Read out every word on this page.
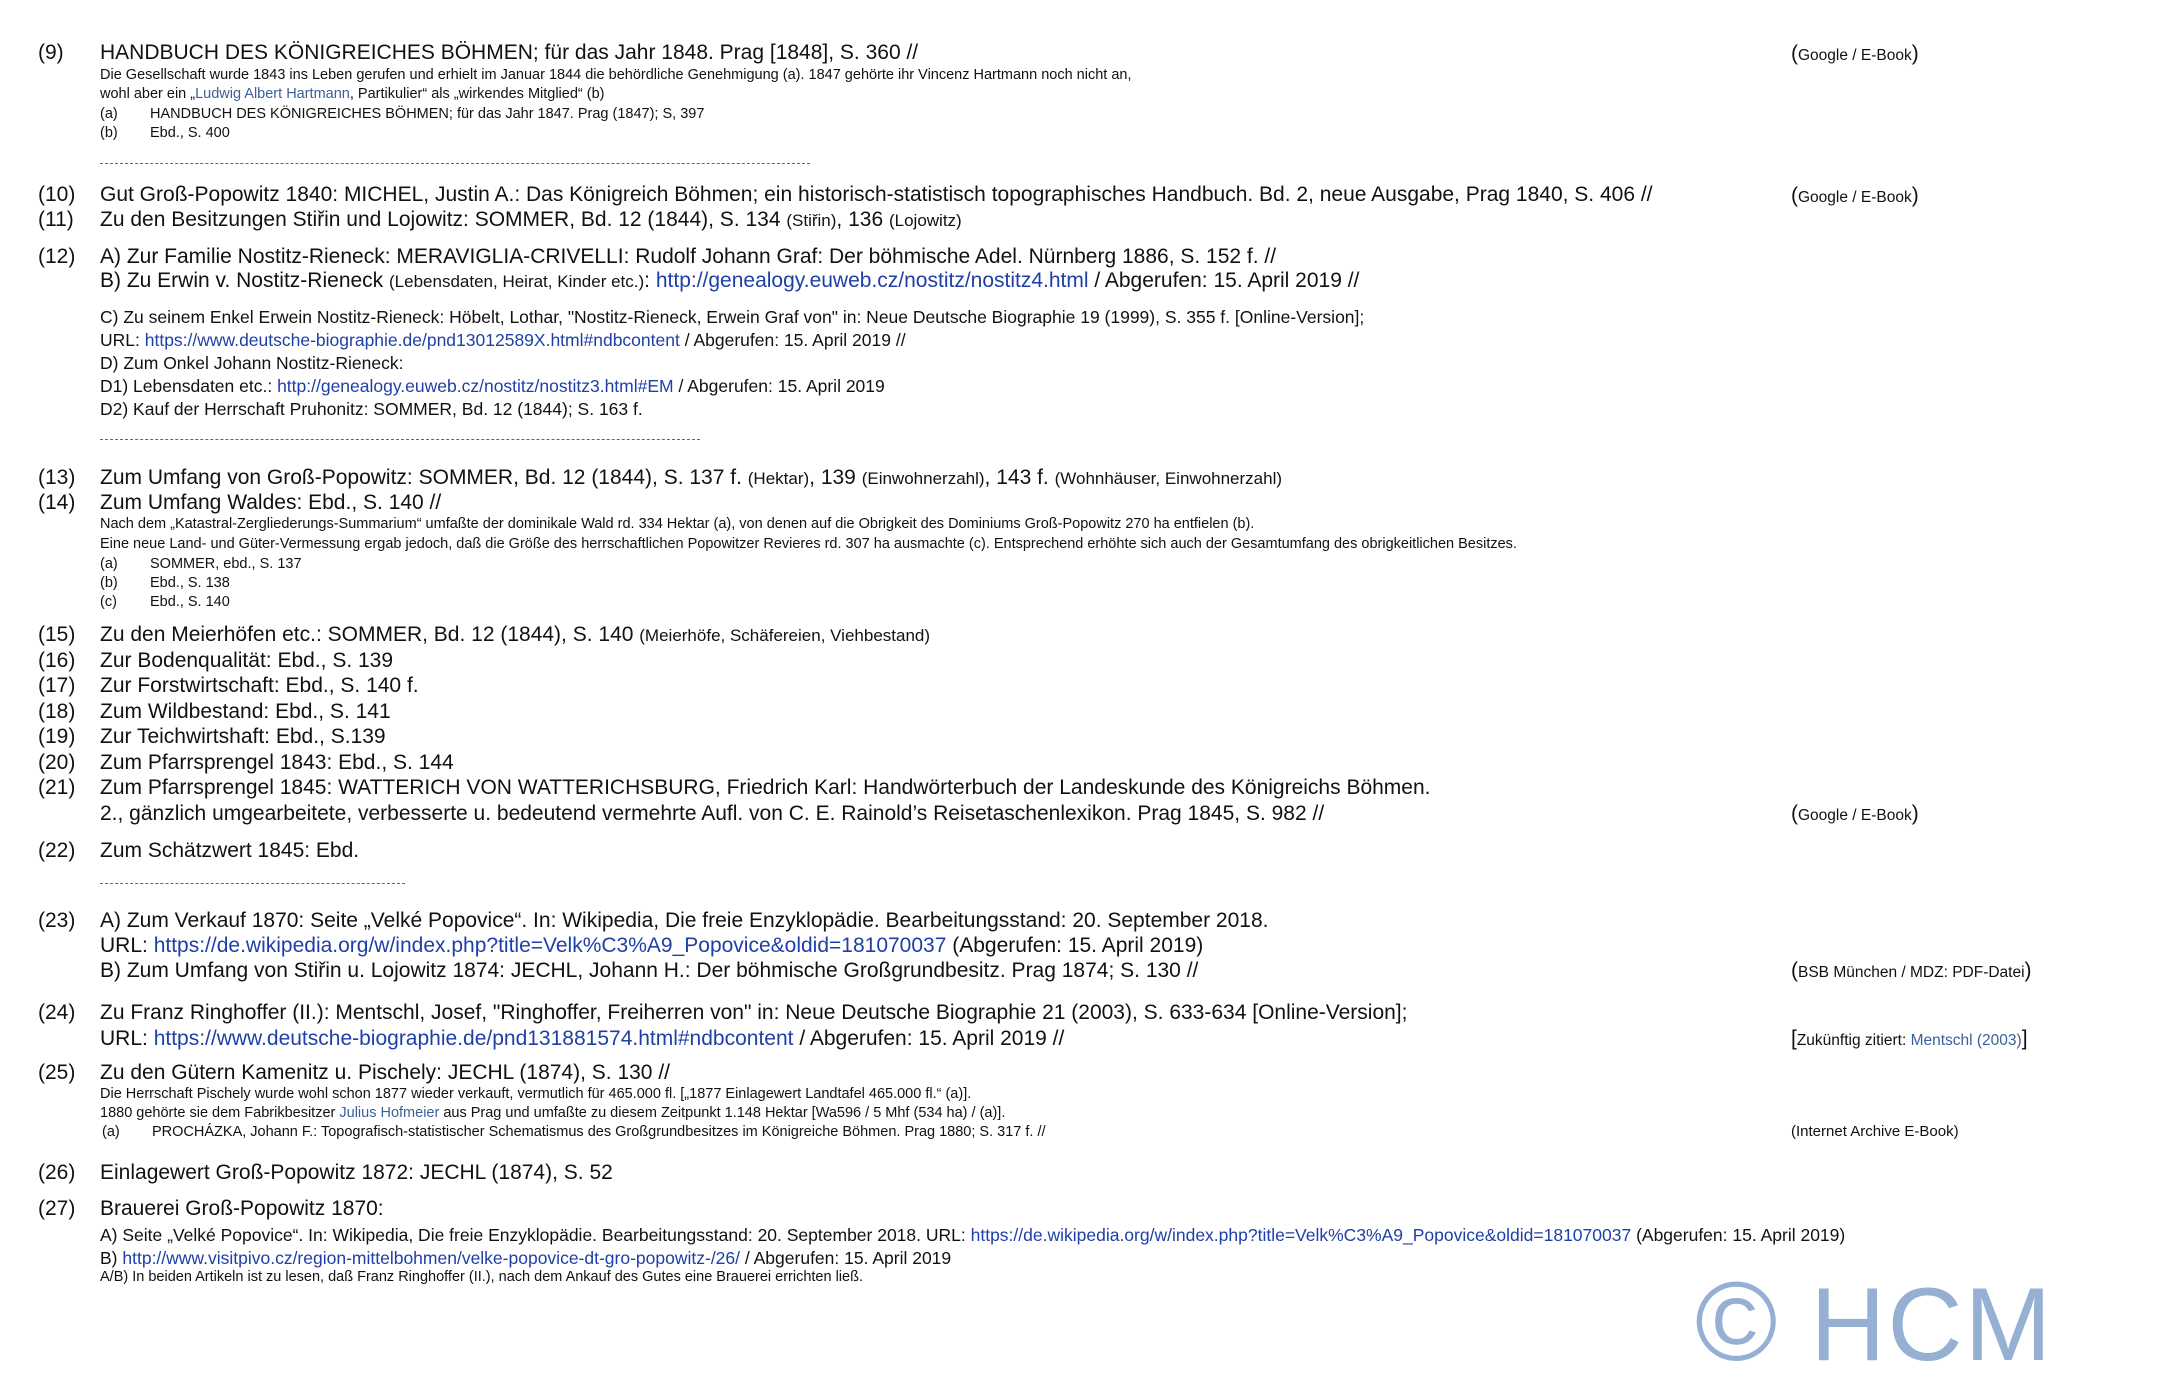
(9) HANDBUCH DES KÖNIGREICHES BÖHMEN; für das Jahr 1848. Prag [1848], S. 360 //	(Google / E-Book)
Die Gesellschaft wurde 1843 ins Leben gerufen und erhielt im Januar 1844 die behördliche Genehmigung (a). 1847 gehörte ihr Vincenz Hartmann noch nicht an,
wohl aber ein „Ludwig Albert Hartmann, Partikulier“ als „wirkendes Mitglied“ (b)
(a) HANDBUCH DES KÖNIGREICHES BÖHMEN; für das Jahr 1847. Prag (1847); S, 397
(b) Ebd., S. 400
(10) Gut Groß-Popowitz 1840: MICHEL, Justin A.: Das Königreich Böhmen; ein historisch-statistisch topographisches Handbuch. Bd. 2, neue Ausgabe, Prag 1840, S. 406 //	(Google / E-Book)
(11) Zu den Besitzungen Stiřin und Lojowitz: SOMMER, Bd. 12 (1844), S. 134 (Stiřin), 136 (Lojowitz)
(12) A) Zur Familie Nostitz-Rieneck: MERAVIGLIA-CRIVELLI: Rudolf Johann Graf: Der böhmische Adel. Nürnberg 1886, S. 152 f. //
B) Zu Erwin v. Nostitz-Rieneck (Lebensdaten, Heirat, Kinder etc.): http://genealogy.euweb.cz/nostitz/nostitz4.html / Abgerufen: 15. April 2019 //
C) Zu seinem Enkel Erwein Nostitz-Rieneck: Höbelt, Lothar, "Nostitz-Rieneck, Erwein Graf von" in: Neue Deutsche Biographie 19 (1999), S. 355 f. [Online-Version];
URL: https://www.deutsche-biographie.de/pnd13012589X.html#ndbcontent / Abgerufen: 15. April 2019 //
D) Zum Onkel Johann Nostitz-Rieneck:
D1) Lebensdaten etc.: http://genealogy.euweb.cz/nostitz/nostitz3.html#EM / Abgerufen: 15. April 2019
D2) Kauf der Herrschaft Pruhonitz: SOMMER, Bd. 12 (1844); S. 163 f.
(13) Zum Umfang von Groß-Popowitz: SOMMER, Bd. 12 (1844), S. 137 f. (Hektar), 139 (Einwohnerzahl), 143 f. (Wohnhäuser, Einwohnerzahl)
(14) Zum Umfang Waldes: Ebd., S. 140 //
Nach dem „Katastral-Zergliederungs-Summarium“ umfaßte der dominikale Wald rd. 334 Hektar (a), von denen auf die Obrigkeit des Dominiums Groß-Popowitz 270 ha entfielen (b).
Eine neue Land- und Güter-Vermessung ergab jedoch, daß die Größe des herrschaftlichen Popowitzer Revieres rd. 307 ha ausmachte (c). Entsprechend erhöhte sich auch der Gesamtumfang des obrigkeitlichen Besitzes.
(a) SOMMER, ebd., S. 137
(b) Ebd., S. 138
(c) Ebd., S. 140
(15) Zu den Meierhöfen etc.: SOMMER, Bd. 12 (1844), S. 140 (Meierhöfe, Schäfereien, Viehbestand)
(16) Zur Bodenqualität: Ebd., S. 139
(17) Zur Forstwirtschaft: Ebd., S. 140 f.
(18) Zum Wildbestand: Ebd., S. 141
(19) Zur Teichwirtshaft: Ebd., S.139
(20) Zum Pfarrsprengel 1843: Ebd., S. 144
(21) Zum Pfarrsprengel 1845: WATTERICH VON WATTERICHSBURG, Friedrich Karl: Handwörterbuch der Landeskunde des Königreichs Böhmen.
2., gänzlich umgearbeitete, verbesserte u. bedeutend vermehrte Aufl. von C. E. Rainold’s Reisetaschenlexikon. Prag 1845, S. 982 //	(Google / E-Book)
(22) Zum Schätzwert 1845: Ebd.
(23) A) Zum Verkauf 1870: Seite „Velké Popovice“. In: Wikipedia, Die freie Enzyklopädie. Bearbeitungsstand: 20. September 2018.
URL: https://de.wikipedia.org/w/index.php?title=Velk%C3%A9_Popovice&oldid=181070037 (Abgerufen: 15. April 2019)
B) Zum Umfang von Stiřin u. Lojowitz 1874: JECHL, Johann H.: Der böhmische Großgrundbesitz. Prag 1874; S. 130 //	(BSB München / MDZ: PDF-Datei)
(24) Zu Franz Ringhoffer (II.): Mentschl, Josef, "Ringhoffer, Freiherren von" in: Neue Deutsche Biographie 21 (2003), S. 633-634 [Online-Version];
URL: https://www.deutsche-biographie.de/pnd131881574.html#ndbcontent / Abgerufen: 15. April 2019 //	[Zukünftig zitiert: Mentschl (2003)]
(25) Zu den Gütern Kamenitz u. Pischely: JECHL (1874), S. 130 //
Die Herrschaft Pischely wurde wohl schon 1877 wieder verkauft, vermutlich für 465.000 fl. [„1877 Einlagewert Landtafel 465.000 fl.“ (a)].
1880 gehörte sie dem Fabrikbesitzer Julius Hofmeier aus Prag und umfaßte zu diesem Zeitpunkt 1.148 Hektar [Wa596 / 5 Mhf (534 ha) / (a)].
(a) PROCHÁZKA, Johann F.: Topografisch-statistischer Schematismus des Großgrundbesitzes im Königreiche Böhmen. Prag 1880; S. 317 f. //	(Internet Archive E-Book)
(26) Einlagewert Groß-Popowitz 1872: JECHL (1874), S. 52
(27) Brauerei Groß-Popowitz 1870:
A) Seite „Velké Popovice“. In: Wikipedia, Die freie Enzyklopädie. Bearbeitungsstand: 20. September 2018. URL: https://de.wikipedia.org/w/index.php?title=Velk%C3%A9_Popovice&oldid=181070037 (Abgerufen: 15. April 2019)
B) http://www.visitpivo.cz/region-mittelbohmen/velke-popovice-dt-gro-popowitz-/26/ / Abgerufen: 15. April 2019
A/B) In beiden Artikeln ist zu lesen, daß Franz Ringhoffer (II.), nach dem Ankauf des Gutes eine Brauerei errichten ließ.	© HCM
